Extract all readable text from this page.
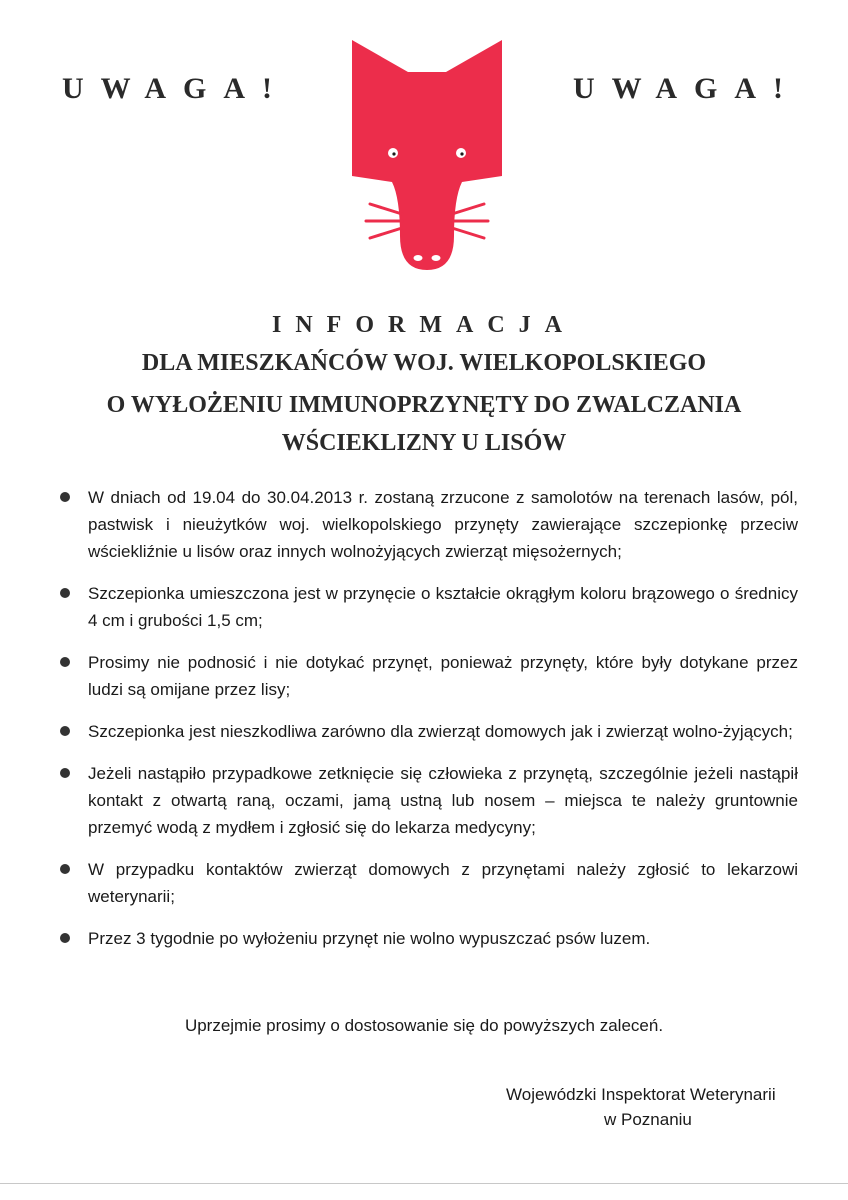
UWAGA!	UWAGA!
INFORMACJA
DLA MIESZKAŃCÓW WOJ. WIELKOPOLSKIEGO
O WYŁOŻENIU IMMUNOPRZYNĘTY DO ZWALCZANIA
WŚCIEKLIZNY U LISÓW
W dniach od 19.04 do 30.04.2013 r. zostaną zrzucone z samolotów na terenach lasów, pól, pastwisk i nieużytków woj. wielkopolskiego przynęty zawierające szczepionkę przeciw wściekliźnie u lisów oraz innych wolnożyjących zwierząt mięsożernych;
Szczepionka umieszczona jest w przynęcie o kształcie okrągłym koloru brązowego o średnicy 4 cm i grubości 1,5 cm;
Prosimy nie podnosić i nie dotykać przynęt, ponieważ przynęty, które były dotykane przez ludzi są omijane przez lisy;
Szczepionka jest nieszkodliwa zarówno dla zwierząt domowych jak i zwierząt wolno-żyjących;
Jeżeli nastąpiło przypadkowe zetknięcie się człowieka z przynętą, szczególnie jeżeli nastąpił kontakt z otwartą raną, oczami, jamą ustną lub nosem – miejsca te należy gruntownie przemyć wodą z mydłem i zgłosić się do lekarza medycyny;
W przypadku kontaktów zwierząt domowych z przynętami należy zgłosić to lekarzowi weterynarii;
Przez 3 tygodnie po wyłożeniu przynęt nie wolno wypuszczać psów luzem.
Uprzejmie prosimy o dostosowanie się do powyższych zaleceń.
Wojewódzki Inspektorat Weterynarii
w Poznaniu
